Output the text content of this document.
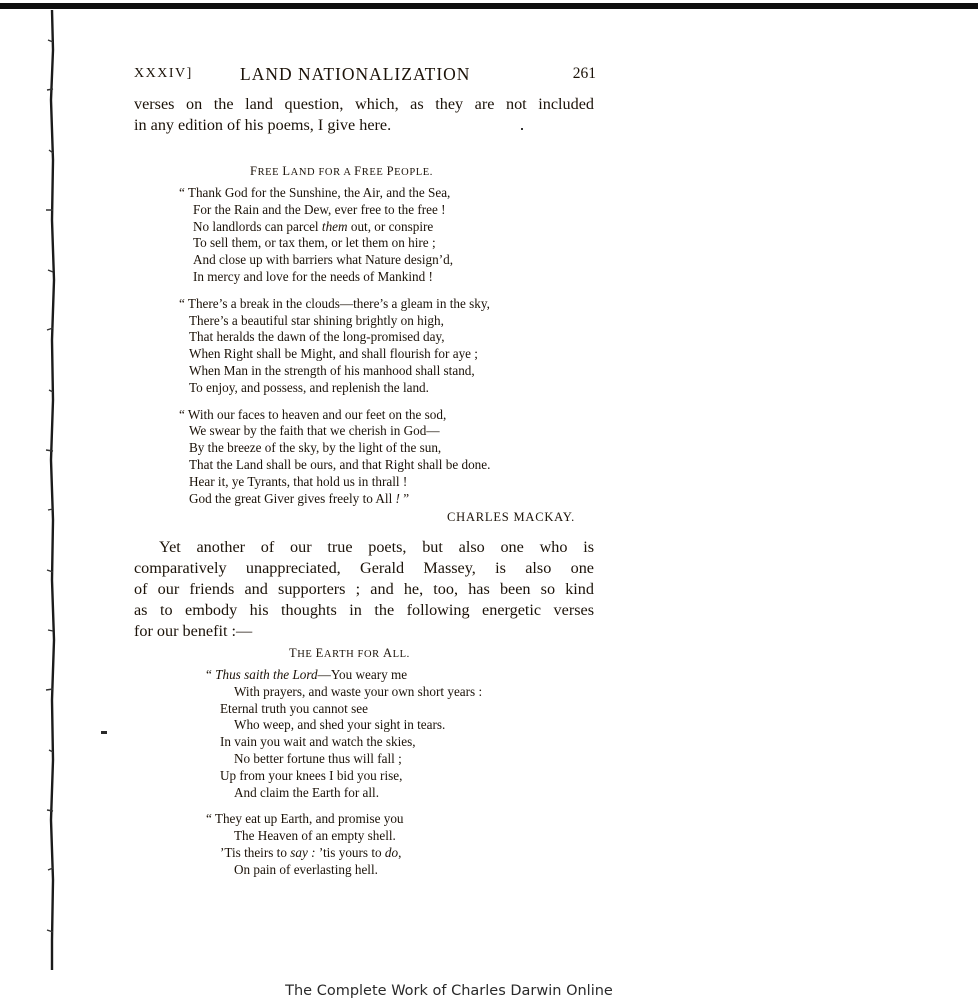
XXXIV]	LAND NATIONALIZATION	261
verses on the land question, which, as they are not included
in any edition of his poems, I give here.
FREE LAND FOR A FREE PEOPLE.
“ Thank God for the Sunshine, the Air, and the Sea,
For the Rain and the Dew, ever free to the free !
No landlords can parcel them out, or conspire
To sell them, or tax them, or let them on hire ;
And close up with barriers what Nature design’d,
In mercy and love for the needs of Mankind !
“ There’s a break in the clouds—there’s a gleam in the sky,
There’s a beautiful star shining brightly on high,
That heralds the dawn of the long-promised day,
When Right shall be Might, and shall flourish for aye ;
When Man in the strength of his manhood shall stand,
To enjoy, and possess, and replenish the land.
“ With our faces to heaven and our feet on the sod,
We swear by the faith that we cherish in God—
By the breeze of the sky, by the light of the sun,
That the Land shall be ours, and that Right shall be done.
Hear it, ye Tyrants, that hold us in thrall !
God the great Giver gives freely to All ! ”
CHARLES MACKAY.
Yet another of our true poets, but also one who is
comparatively unappreciated, Gerald Massey, is also one
of our friends and supporters ; and he, too, has been so kind
as to embody his thoughts in the following energetic verses
for our benefit :—
THE EARTH FOR ALL.
“ Thus saith the Lord—You weary me
With prayers, and waste your own short years :
Eternal truth you cannot see
Who weep, and shed your sight in tears.
In vain you wait and watch the skies,
No better fortune thus will fall ;
Up from your knees I bid you rise,
And claim the Earth for all.
“ They eat up Earth, and promise you
The Heaven of an empty shell.
’Tis theirs to say : ’tis yours to do,
On pain of everlasting hell.
The Complete Work of Charles Darwin Online
